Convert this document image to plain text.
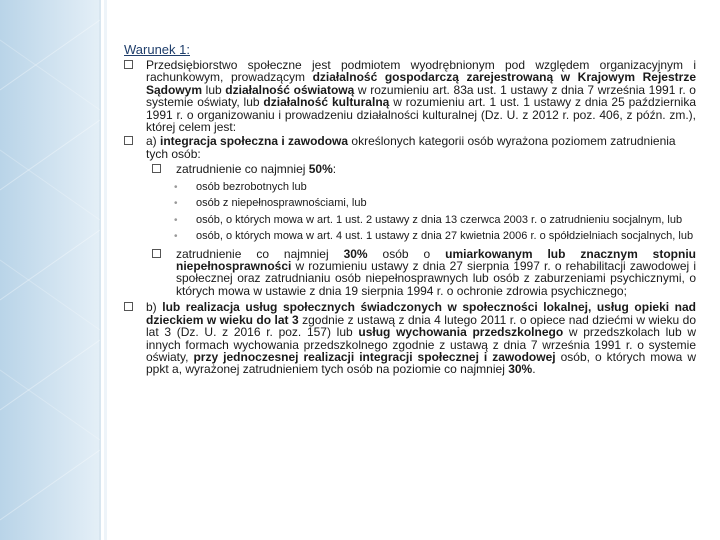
Warunek 1:
Przedsiębiorstwo społeczne jest podmiotem wyodrębnionym pod względem organizacyjnym i rachunkowym, prowadzącym działalność gospodarczą zarejestrowaną w Krajowym Rejestrze Sądowym lub działalność oświatową w rozumieniu art. 83a ust. 1 ustawy z dnia 7 września 1991 r. o systemie oświaty, lub działalność kulturalną w rozumieniu art. 1 ust. 1 ustawy z dnia 25 października 1991 r. o organizowaniu i prowadzeniu działalności kulturalnej (Dz. U. z 2012 r. poz. 406, z późn. zm.), której celem jest:
a) integracja społeczna i zawodowa określonych kategorii osób wyrażona poziomem zatrudnienia tych osób:
zatrudnienie co najmniej 50%:
• osób bezrobotnych lub
• osób z niepełnosprawnościami, lub
• osób, o których mowa w art. 1 ust. 2 ustawy z dnia 13 czerwca 2003 r. o zatrudnieniu socjalnym, lub
• osób, o których mowa w art. 4 ust. 1 ustawy z dnia 27 kwietnia 2006 r. o spółdzielniach socjalnych, lub
zatrudnienie co najmniej 30% osób o umiarkowanym lub znacznym stopniu niepełnosprawności w rozumieniu ustawy z dnia 27 sierpnia 1997 r. o rehabilitacji zawodowej i społecznej oraz zatrudnianiu osób niepełnosprawnych lub osób z zaburzeniami psychicznymi, o których mowa w ustawie z dnia 19 sierpnia 1994 r. o ochronie zdrowia psychicznego;
b) lub realizacja usług społecznych świadczonych w społeczności lokalnej, usług opieki nad dzieckiem w wieku do lat 3 zgodnie z ustawą z dnia 4 lutego 2011 r. o opiece nad dziećmi w wieku do lat 3 (Dz. U. z 2016 r. poz. 157) lub usług wychowania przedszkolnego w przedszkolach lub w innych formach wychowania przedszkolnego zgodnie z ustawą z dnia 7 września 1991 r. o systemie oświaty, przy jednoczesnej realizacji integracji społecznej i zawodowej osób, o których mowa w ppkt a, wyrażonej zatrudnieniem tych osób na poziomie co najmniej 30%.
